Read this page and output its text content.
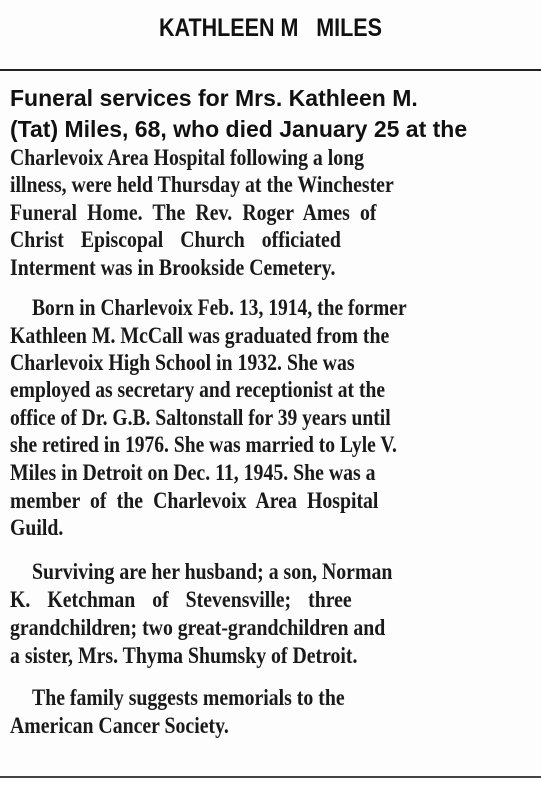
KATHLEEN M   MILES
Funeral services for Mrs. Kathleen M.
(Tat) Miles, 68, who died January 25 at the
Charlevoix Area Hospital following a long
illness, were held Thursday at the Winchester
Funeral Home. The Rev. Roger Ames of
Christ Episcopal Church officiated
Interment was in Brookside Cemetery.
Born in Charlevoix Feb. 13, 1914, the former
Kathleen M. McCall was graduated from the
Charlevoix High School in 1932. She was
employed as secretary and receptionist at the
office of Dr. G.B. Saltonstall for 39 years until
she retired in 1976. She was married to Lyle V.
Miles in Detroit on Dec. 11, 1945. She was a
member of the Charlevoix Area Hospital
Guild.
Surviving are her husband; a son, Norman
K. Ketchman of Stevensville; three
grandchildren; two great-grandchildren and
a sister, Mrs. Thyma Shumsky of Detroit.
The family suggests memorials to the
American Cancer Society.
